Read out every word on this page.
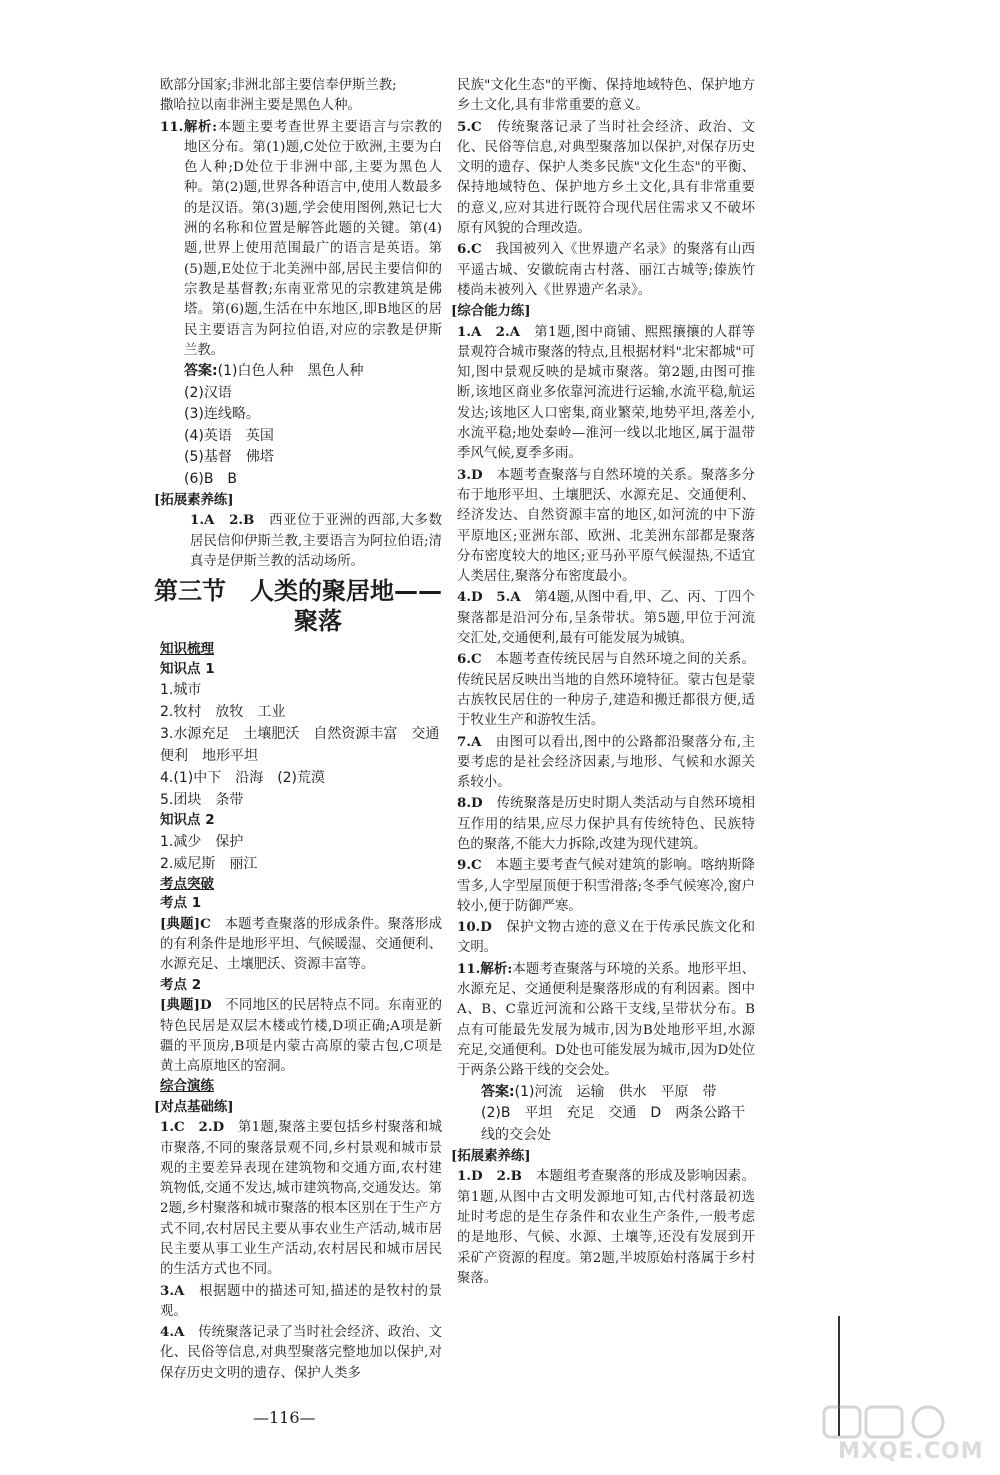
欧部分国家;非洲北部主要信奉伊斯兰教;

撒哈拉以南非洲主要是黑色人种。

11. 解析:本题主要考查世界主要语言与宗教的地区分布。第(1)题,C处位于欧洲,主要为白色人种;D处位于非洲中部,主要为黑色人种。第(2)题,世界各种语言中,使用人数最多的是汉语。第(3)题,学会使用图例,熟记七大洲的名称和位置是解答此题的关键。第(4)题,世界上使用范围最广的语言是英语。第(5)题,E处位于北美洲中部,居民主要信仰的宗教是基督教;东南亚常见的宗教建筑是佛塔。第(6)题,生活在中东地区,即B地区的居民主要语言为阿拉伯语,对应的宗教是伊斯兰教。

答案:(1)白色人种　黑色人种
(2)汉语
(3)连线略。
(4)英语　英国
(5)基督　佛塔
(6)B　B
[拓展素养练]

1.A　2.B　 西亚位于亚洲的西部,大多数居民信仰伊斯兰教,主要语言为阿拉伯语;清真寺是伊斯兰教的活动场所。

第三节　人类的聚居地——
聚落
知识梳理
知识点 1
1.城市
2.牧村　放牧　工业
3.水源充足　土壤肥沃　自然资源丰富　交通便利　地形平坦
4.(1)中下　沿海　(2)荒漠
5.团块　条带
知识点 2
1.减少　保护
2.威尼斯　丽江
考点突破
考点 1

[典题]C　 本题考查聚落的形成条件。聚落形成的有利条件是地形平坦、气候暖湿、交通便利、水源充足、土壤肥沃、资源丰富等。

考点 2

[典题]D　 不同地区的民居特点不同。东南亚的特色民居是双层木楼或竹楼,D项正确;A项是新疆的平顶房,B项是内蒙古高原的蒙古包,C项是黄土高原地区的窑洞。

综合演练
[对点基础练]

1.C　2.D　 第1题,聚落主要包括乡村聚落和城市聚落,不同的聚落景观不同,乡村景观和城市景观的主要差异表现在建筑物和交通方面,农村建筑物低,交通不发达,城市建筑物高,交通发达。第2题,乡村聚落和城市聚落的根本区别在于生产方式不同,农村居民主要从事农业生产活动,城市居民主要从事工业生产活动,农村居民和城市居民的生活方式也不同。

3.A　 根据题中的描述可知,描述的是牧村的景观。

4.A　 传统聚落记录了当时社会经济、政治、文化、民俗等信息,对典型聚落完整地加以保护,对保存历史文明的遗存、保护人类多

民族"文化生态"的平衡、保持地域特色、保护地方乡土文化,具有非常重要的意义。

5.C　 传统聚落记录了当时社会经济、政治、文化、民俗等信息,对典型聚落加以保护,对保存历史文明的遗存、保护人类多民族"文化生态"的平衡、保持地域特色、保护地方乡土文化,具有非常重要的意义,应对其进行既符合现代居住需求又不破坏原有风貌的合理改造。

6.C　 我国被列入《世界遗产名录》的聚落有山西平遥古城、安徽皖南古村落、丽江古城等;傣族竹楼尚未被列入《世界遗产名录》。

[综合能力练]

1.A　2.A　 第1题,图中商铺、熙熙攘攘的人群等景观符合城市聚落的特点,且根据材料"北宋都城"可知,图中景观反映的是城市聚落。第2题,由图可推断,该地区商业多依靠河流进行运输,水流平稳,航运发达;该地区人口密集,商业繁荣,地势平坦,落差小,水流平稳;地处秦岭—淮河一线以北地区,属于温带季风气候,夏季多雨。

3.D　 本题考查聚落与自然环境的关系。聚落多分布于地形平坦、土壤肥沃、水源充足、交通便利、经济发达、自然资源丰富的地区,如河流的中下游平原地区;亚洲东部、欧洲、北美洲东部都是聚落分布密度较大的地区;亚马孙平原气候湿热,不适宜人类居住,聚落分布密度最小。

4.D　5.A　 第4题,从图中看,甲、乙、丙、丁四个聚落都是沿河分布,呈条带状。第5题,甲位于河流交汇处,交通便利,最有可能发展为城镇。

6.C　 本题考查传统民居与自然环境之间的关系。传统民居反映出当地的自然环境特征。蒙古包是蒙古族牧民居住的一种房子,建造和搬迁都很方便,适于牧业生产和游牧生活。

7.A　 由图可以看出,图中的公路都沿聚落分布,主要考虑的是社会经济因素,与地形、气候和水源关系较小。

8.D　 传统聚落是历史时期人类活动与自然环境相互作用的结果,应尽力保护具有传统特色、民族特色的聚落,不能大力拆除,改建为现代建筑。

9.C　 本题主要考查气候对建筑的影响。喀纳斯降雪多,人字型屋顶便于积雪滑落;冬季气候寒冷,窗户较小,便于防御严寒。

10.D　 保护文物古迹的意义在于传承民族文化和文明。

11.解析:本题考查聚落与环境的关系。地形平坦、水源充足、交通便利是聚落形成的有利因素。图中A、B、C靠近河流和公路干支线,呈带状分布。B点有可能最先发展为城市,因为B处地形平坦,水源充足,交通便利。D处也可能发展为城市,因为D处位于两条公路干线的交会处。

答案:(1)河流　运输　供水　平原　带
(2)B　平坦　充足　交通　D　两条公路干线的交会处
[拓展素养练]

1.D　2.B　 本题组考查聚落的形成及影响因素。第1题,从图中古文明发源地可知,古代村落最初选址时考虑的是生存条件和农业生产条件,一般考虑的是地形、气候、水源、土壤等,还没有发展到开采矿产资源的程度。第2题,半坡原始村落属于乡村聚落。

—116—
MXQE.COM
